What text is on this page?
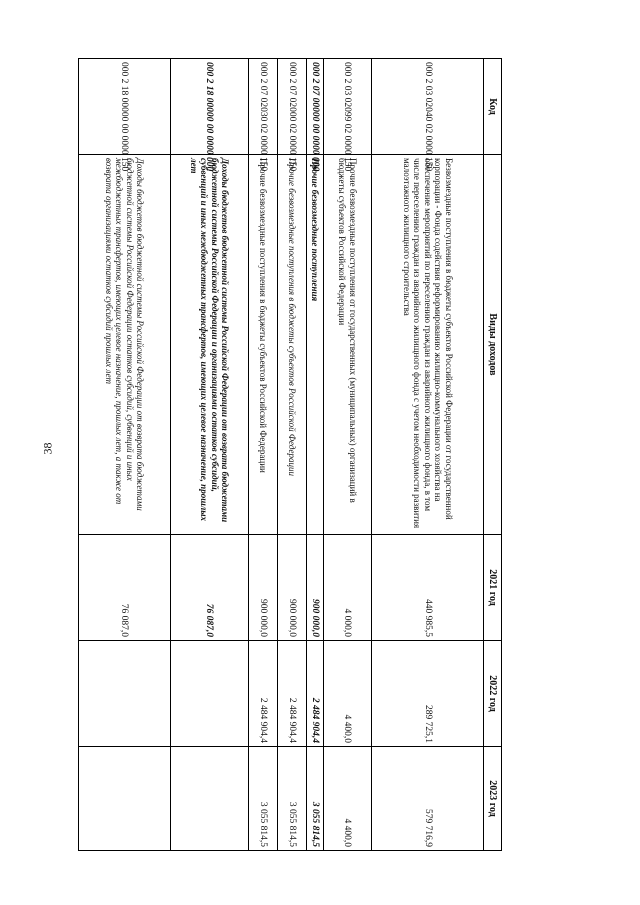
38
Код	Виды доходов	2021 год	2022 год	2023 год
000 2 03 02040 02 0000 150	Безвозмездные поступления в бюджеты субъектов Российской Федерации от государственной корпорации - Фонда содействия реформированию жилищно-коммунального хозяйства на обеспечение мероприятий по переселению граждан из аварийного жилищного фонда, в том числе переселению граждан из аварийного жилищного фонда с учетом необходимости развития малоэтажного жилищного строительства	440 985,5	289 725,1	579 716,9
000 2 03 02099 02 0000 150	Прочие безвозмездные поступления от государственных (муниципальных) организаций в бюджеты субъектов Российской Федерации	4 000,0	4 400,0	4 400,0
000 2 07 00000 00 0000 000	Прочие безвозмездные поступления	900 000,0	2 484 904,4	3 055 814,5
000 2 07 02000 02 0000 150	Прочие безвозмездные поступления в бюджеты субъектов Российской Федерации	900 000,0	2 484 904,4	3 055 814,5
000 2 07 02030 02 0000 150	Прочие безвозмездные поступления в бюджеты субъектов Российской Федерации	900 000,0	2 484 904,4	3 055 814,5
000 2 18 00000 00 0000 000	Доходы бюджетов бюджетной системы Российской Федерации от возврата бюджетами бюджетной системы Российской Федерации и организациями остатков субсидий, субвенций и иных межбюджетных трансфертов, имеющих целевое назначение, прошлых лет	76 087,0		
000 2 18 00000 00 0000 150	Доходы бюджетов бюджетной системы Российской Федерации от возврата бюджетами бюджетной системы Российской Федерации остатков субсидий, субвенций и иных межбюджетных трансфертов, имеющих целевое назначение, прошлых лет, а также от возврата организациями остатков субсидий прошлых лет	76 087,0		
